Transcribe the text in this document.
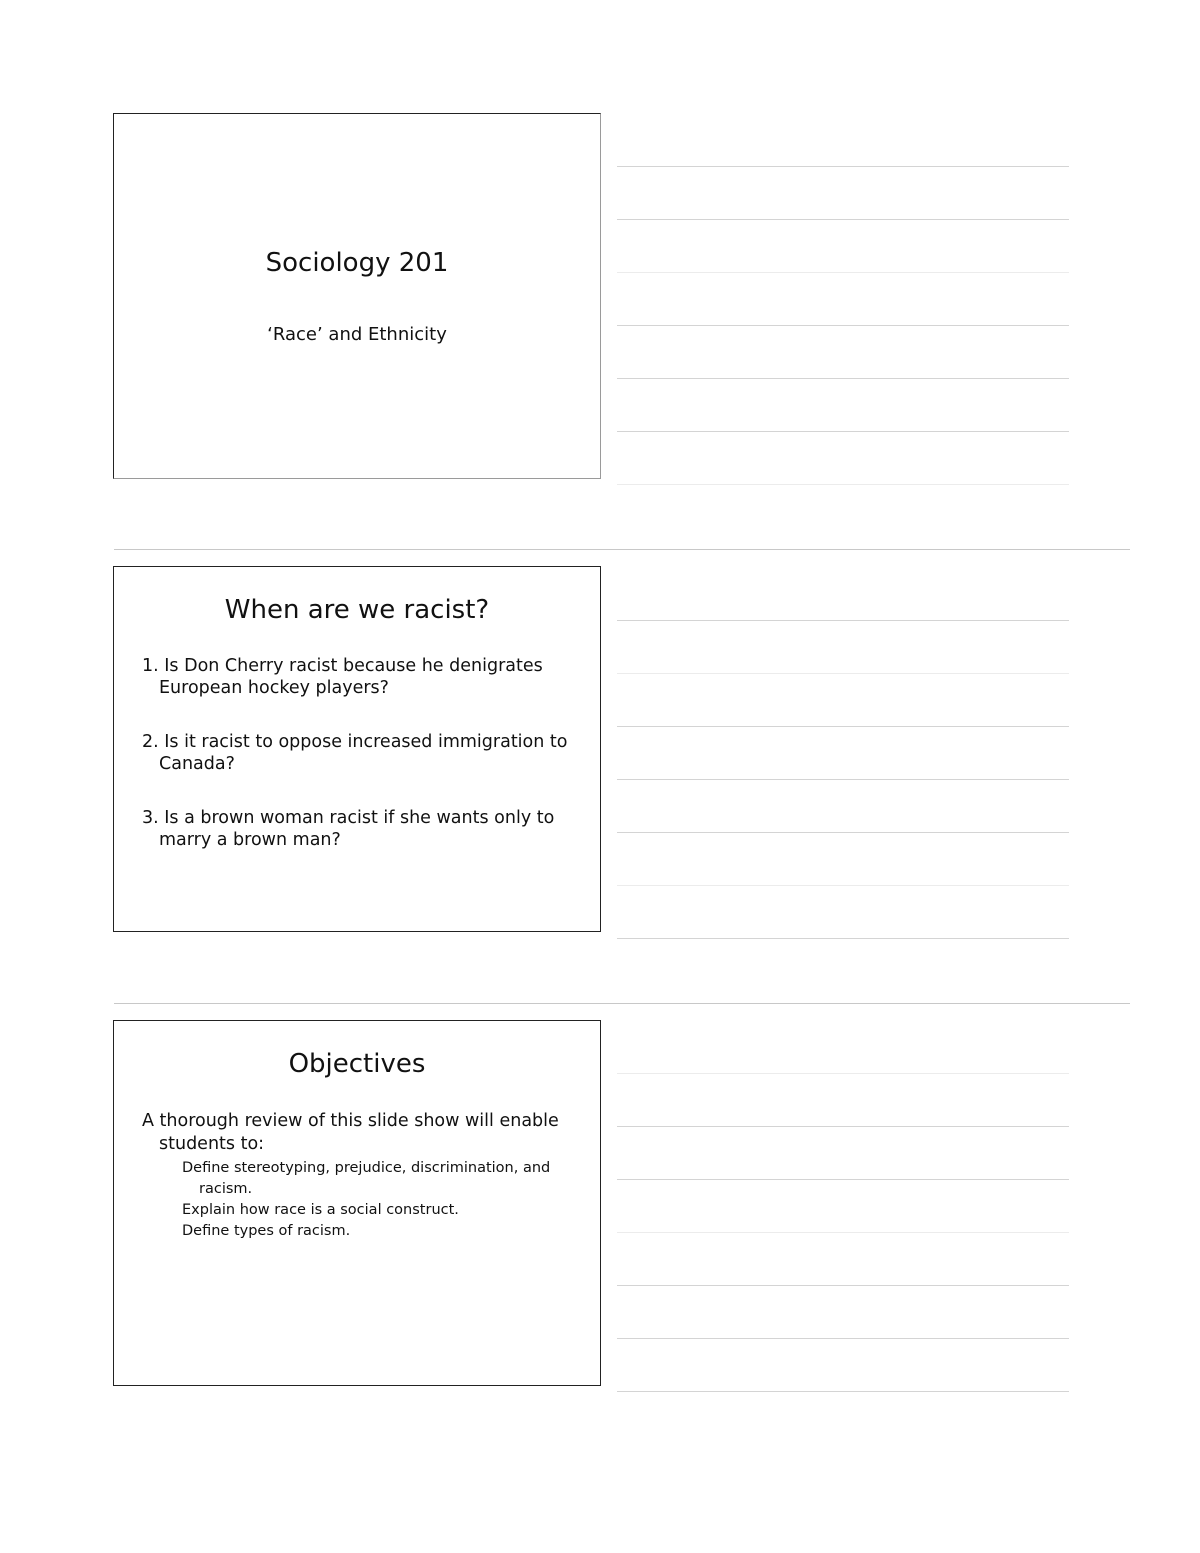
Sociology 201
‘Race’ and Ethnicity
When are we racist?
1. Is Don Cherry racist because he denigrates European hockey players?
2. Is it racist to oppose increased immigration to Canada?
3. Is a brown woman racist if she wants only to marry a brown man?
Objectives
A thorough review of this slide show will enable students to:
Define stereotyping, prejudice, discrimination, and racism.
Explain how race is a social construct.
Define types of racism.
